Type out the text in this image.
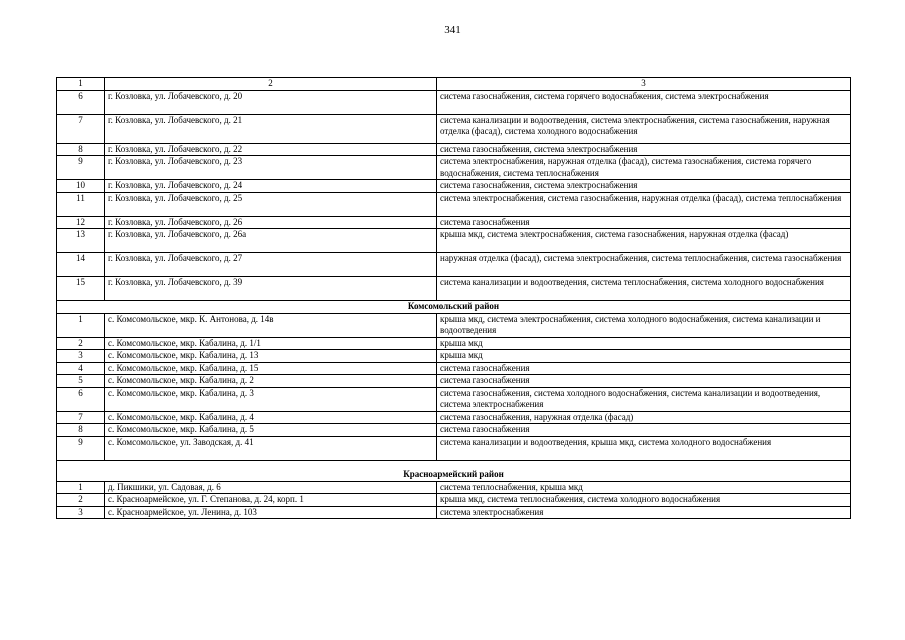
341
1	2	3
6	г. Козловка, ул. Лобачевского, д. 20	система газоснабжения, система горячего водоснабжения, система электроснабжения
7	г. Козловка, ул. Лобачевского, д. 21	система канализации и водоотведения, система электроснабжения, система газоснабжения, наружная отделка (фасад), система холодного водоснабжения
8	г. Козловка, ул. Лобачевского, д. 22	система газоснабжения, система электроснабжения
9	г. Козловка, ул. Лобачевского, д. 23	система электроснабжения, наружная отделка (фасад), система газоснабжения, система горячего водоснабжения, система теплоснабжения
10	г. Козловка, ул. Лобачевского, д. 24	система газоснабжения, система электроснабжения
11	г. Козловка, ул. Лобачевского, д. 25	система электроснабжения, система газоснабжения, наружная отделка (фасад), система теплоснабжения
12	г. Козловка, ул. Лобачевского, д. 26	система газоснабжения
13	г. Козловка, ул. Лобачевского, д. 26а	крыша мкд, система электроснабжения, система газоснабжения, наружная отделка (фасад)
14	г. Козловка, ул. Лобачевского, д. 27	наружная отделка (фасад), система электроснабжения, система теплоснабжения, система газоснабжения
15	г. Козловка, ул. Лобачевского, д. 39	система канализации и водоотведения, система теплоснабжения, система холодного водоснабжения
Комсомольский район		
1	с. Комсомольское, мкр. К. Антонова, д. 14в	крыша мкд, система электроснабжения, система холодного водоснабжения, система канализации и водоотведения
2	с. Комсомольское, мкр. Кабалина, д. 1/1	крыша мкд
3	с. Комсомольское, мкр. Кабалина, д. 13	крыша мкд
4	с. Комсомольское, мкр. Кабалина, д. 15	система газоснабжения
5	с. Комсомольское, мкр. Кабалина, д. 2	система газоснабжения
6	с. Комсомольское, мкр. Кабалина, д. 3	система газоснабжения, система холодного водоснабжения, система канализации и водоотведения, система электроснабжения
7	с. Комсомольское, мкр. Кабалина, д. 4	система газоснабжения, наружная отделка (фасад)
8	с. Комсомольское, мкр. Кабалина, д. 5	система газоснабжения
9	с. Комсомольское, ул. Заводская, д. 41	система канализации и водоотведения, крыша мкд, система холодного водоснабжения
Красноармейский район		
1	д. Пикшики, ул. Садовая, д. 6	система теплоснабжения, крыша мкд
2	с. Красноармейское, ул. Г. Степанова, д. 24, корп. 1	крыша мкд, система теплоснабжения, система холодного водоснабжения
3	с. Красноармейское, ул. Ленина, д. 103	система электроснабжения
